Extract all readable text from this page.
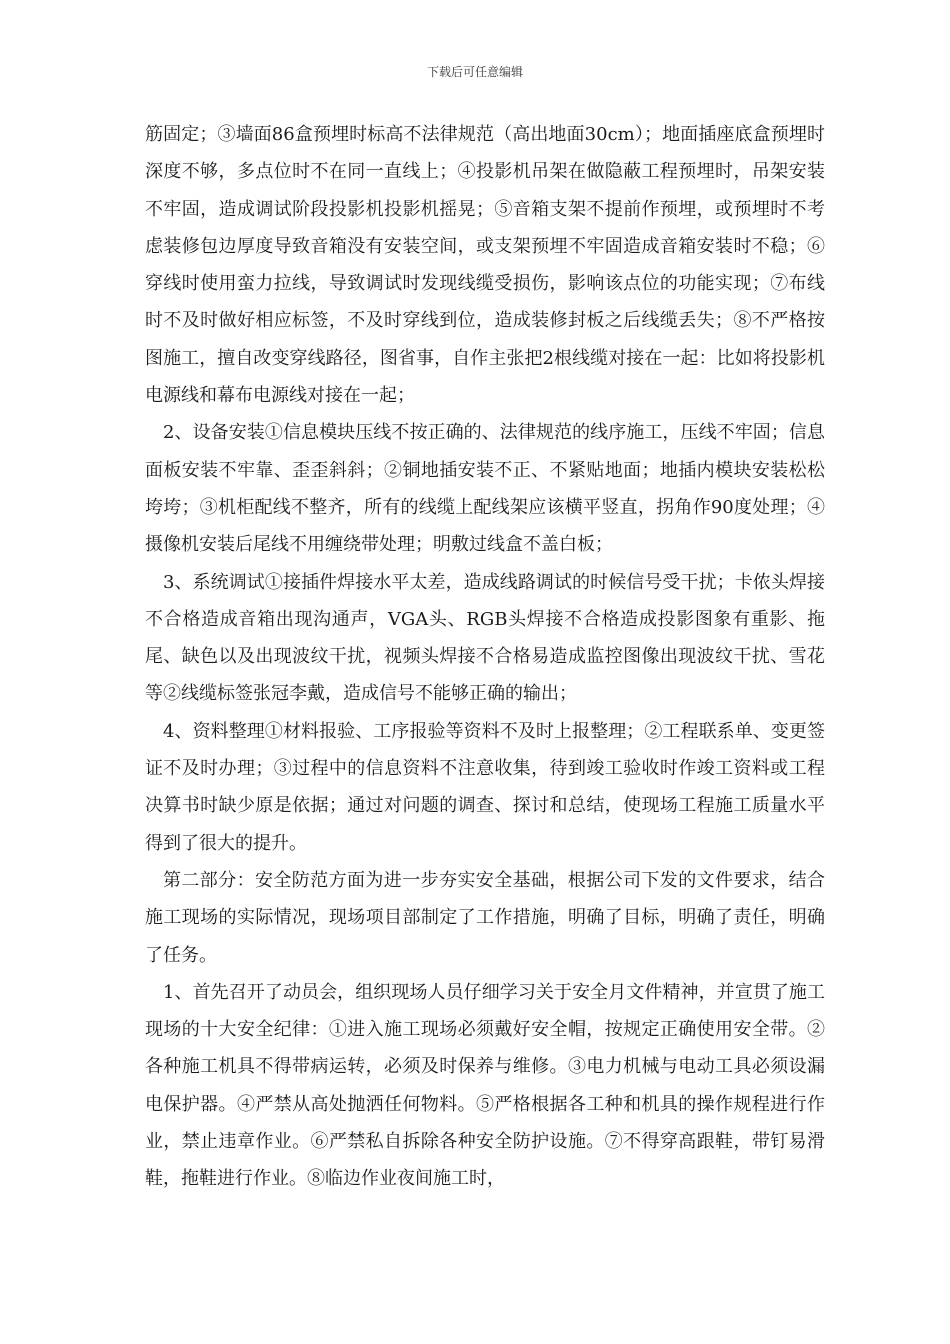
下载后可任意编辑

筋固定；③墙面86盒预埋时标高不法律规范（高出地面30cm）；地面插座底盒预埋时深度不够，多点位时不在同一直线上；④投影机吊架在做隐蔽工程预埋时，吊架安装不牢固，造成调试阶段投影机投影机摇晃；⑤音箱支架不提前作预埋，或预埋时不考虑装修包边厚度导致音箱没有安装空间，或支架预埋不牢固造成音箱安装时不稳；⑥穿线时使用蛮力拉线，导致调试时发现线缆受损伤，影响该点位的功能实现；⑦布线时不及时做好相应标签，不及时穿线到位，造成装修封板之后线缆丢失；⑧不严格按图施工，擅自改变穿线路径，图省事，自作主张把2根线缆对接在一起：比如将投影机电源线和幕布电源线对接在一起；

2、设备安装①信息模块压线不按正确的、法律规范的线序施工，压线不牢固；信息面板安装不牢靠、歪歪斜斜；②铜地插安装不正、不紧贴地面；地插内模块安装松松垮垮；③机柜配线不整齐，所有的线缆上配线架应该横平竖直，拐角作90度处理；④摄像机安装后尾线不用缠绕带处理；明敷过线盒不盖白板；

3、系统调试①接插件焊接水平太差，造成线路调试的时候信号受干扰；卡侬头焊接不合格造成音箱出现沟通声，VGA头、RGB头焊接不合格造成投影图象有重影、拖尾、缺色以及出现波纹干扰，视频头焊接不合格易造成监控图像出现波纹干扰、雪花等②线缆标签张冠李戴，造成信号不能够正确的输出；

4、资料整理①材料报验、工序报验等资料不及时上报整理；②工程联系单、变更签证不及时办理；③过程中的信息资料不注意收集，待到竣工验收时作竣工资料或工程决算书时缺少原是依据；通过对问题的调查、探讨和总结，使现场工程施工质量水平得到了很大的提升。

第二部分：安全防范方面为进一步夯实安全基础，根据公司下发的文件要求，结合施工现场的实际情况，现场项目部制定了工作措施，明确了目标，明确了责任，明确了任务。

1、首先召开了动员会，组织现场人员仔细学习关于安全月文件精神，并宣贯了施工现场的十大安全纪律：①进入施工现场必须戴好安全帽，按规定正确使用安全带。②各种施工机具不得带病运转，必须及时保养与维修。③电力机械与电动工具必须设漏电保护器。④严禁从高处抛洒任何物料。⑤严格根据各工种和机具的操作规程进行作业，禁止违章作业。⑥严禁私自拆除各种安全防护设施。⑦不得穿高跟鞋，带钉易滑鞋，拖鞋进行作业。⑧临边作业夜间施工时，
